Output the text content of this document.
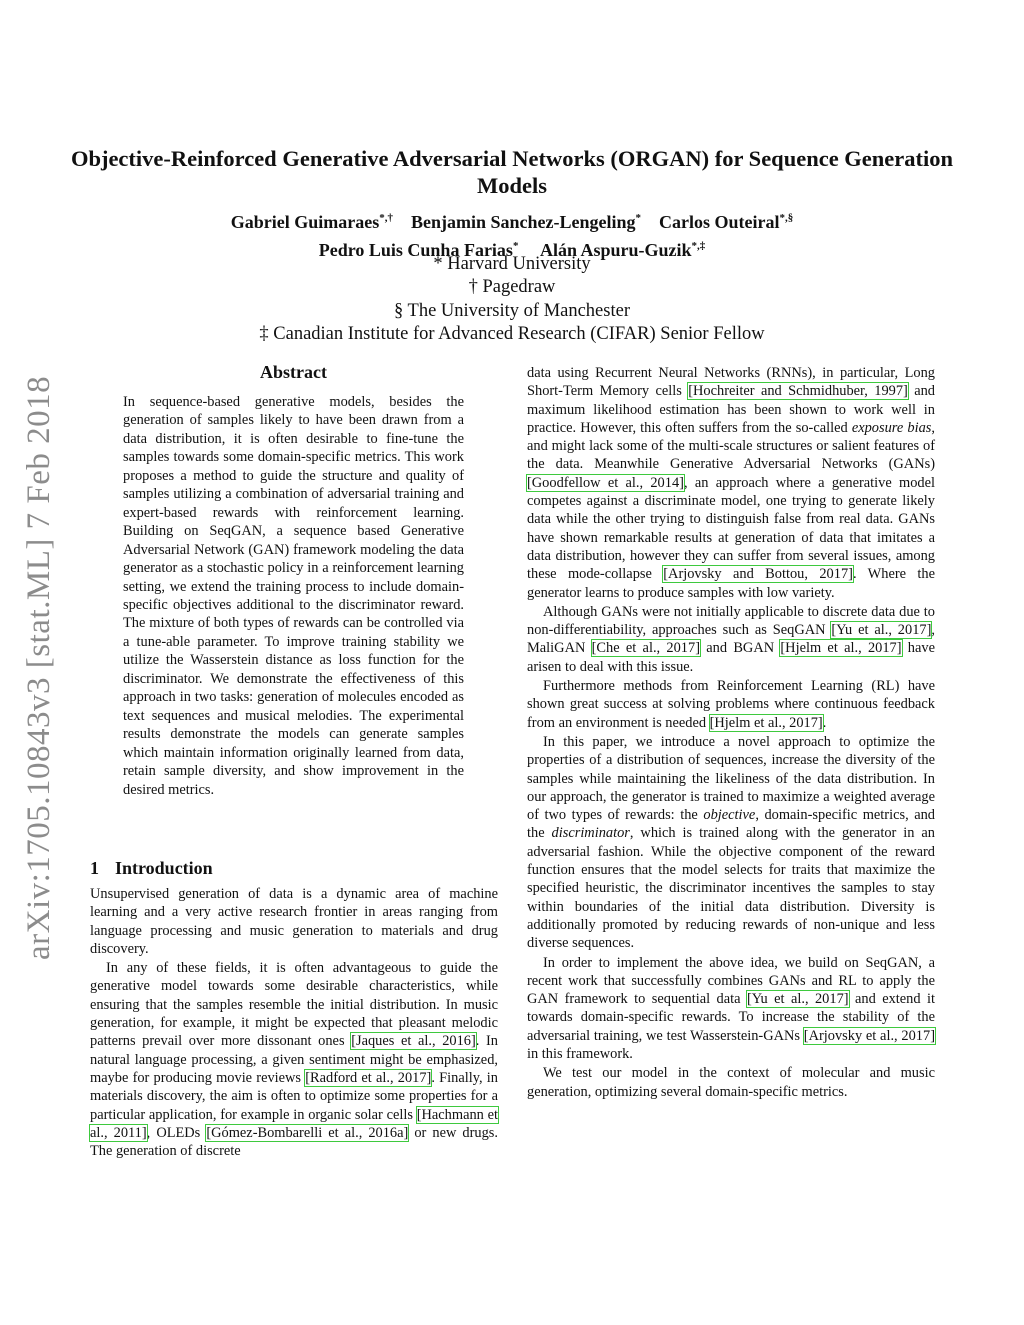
arXiv:1705.10843v3 [stat.ML] 7 Feb 2018
Objective-Reinforced Generative Adversarial Networks (ORGAN) for Sequence Generation Models
Gabriel Guimaraes*,† Benjamin Sanchez-Lengeling* Carlos Outeiral*,§
Pedro Luis Cunha Farias* Alán Aspuru-Guzik*,‡
* Harvard University
† Pagedraw
§ The University of Manchester
‡ Canadian Institute for Advanced Research (CIFAR) Senior Fellow
Abstract
In sequence-based generative models, besides the generation of samples likely to have been drawn from a data distribution, it is often desirable to fine-tune the samples towards some domain-specific metrics. This work proposes a method to guide the structure and quality of samples utilizing a combination of adversarial training and expert-based rewards with reinforcement learning. Building on SeqGAN, a sequence based Generative Adversarial Network (GAN) framework modeling the data generator as a stochastic policy in a reinforcement learning setting, we extend the training process to include domain-specific objectives additional to the discriminator reward. The mixture of both types of rewards can be controlled via a tune-able parameter. To improve training stability we utilize the Wasserstein distance as loss function for the discriminator. We demonstrate the effectiveness of this approach in two tasks: generation of molecules encoded as text sequences and musical melodies. The experimental results demonstrate the models can generate samples which maintain information originally learned from data, retain sample diversity, and show improvement in the desired metrics.
1 Introduction

Unsupervised generation of data is a dynamic area of machine learning and a very active research frontier in areas ranging from language processing and music generation to materials and drug discovery.

In any of these fields, it is often advantageous to guide the generative model towards some desirable characteristics, while ensuring that the samples resemble the initial distribution. In music generation, for example, it might be expected that pleasant melodic patterns prevail over more dissonant ones [Jaques et al., 2016]. In natural language processing, a given sentiment might be emphasized, maybe for producing movie reviews [Radford et al., 2017]. Finally, in materials discovery, the aim is often to optimize some properties for a particular application, for example in organic solar cells [Hachmann et al., 2011], OLEDs [Gómez-Bombarelli et al., 2016a] or new drugs. The generation of discrete

data using Recurrent Neural Networks (RNNs), in particular, Long Short-Term Memory cells [Hochreiter and Schmidhuber, 1997] and maximum likelihood estimation has been shown to work well in practice. However, this often suffers from the so-called exposure bias, and might lack some of the multi-scale structures or salient features of the data. Meanwhile Generative Adversarial Networks (GANs) [Goodfellow et al., 2014], an approach where a generative model competes against a discriminate model, one trying to generate likely data while the other trying to distinguish false from real data. GANs have shown remarkable results at generation of data that imitates a data distribution, however they can suffer from several issues, among these mode-collapse [Arjovsky and Bottou, 2017]. Where the generator learns to produce samples with low variety.

Although GANs were not initially applicable to discrete data due to non-differentiability, approaches such as SeqGAN [Yu et al., 2017], MaliGAN [Che et al., 2017] and BGAN [Hjelm et al., 2017] have arisen to deal with this issue.

Furthermore methods from Reinforcement Learning (RL) have shown great success at solving problems where continuous feedback from an environment is needed [Hjelm et al., 2017].

In this paper, we introduce a novel approach to optimize the properties of a distribution of sequences, increase the diversity of the samples while maintaining the likeliness of the data distribution. In our approach, the generator is trained to maximize a weighted average of two types of rewards: the objective, domain-specific metrics, and the discriminator, which is trained along with the generator in an adversarial fashion. While the objective component of the reward function ensures that the model selects for traits that maximize the specified heuristic, the discriminator incentives the samples to stay within boundaries of the initial data distribution. Diversity is additionally promoted by reducing rewards of non-unique and less diverse sequences.

In order to implement the above idea, we build on SeqGAN, a recent work that successfully combines GANs and RL to apply the GAN framework to sequential data [Yu et al., 2017] and extend it towards domain-specific rewards. To increase the stability of the adversarial training, we test Wasserstein-GANs [Arjovsky et al., 2017] in this framework.

We test our model in the context of molecular and music generation, optimizing several domain-specific metrics.
